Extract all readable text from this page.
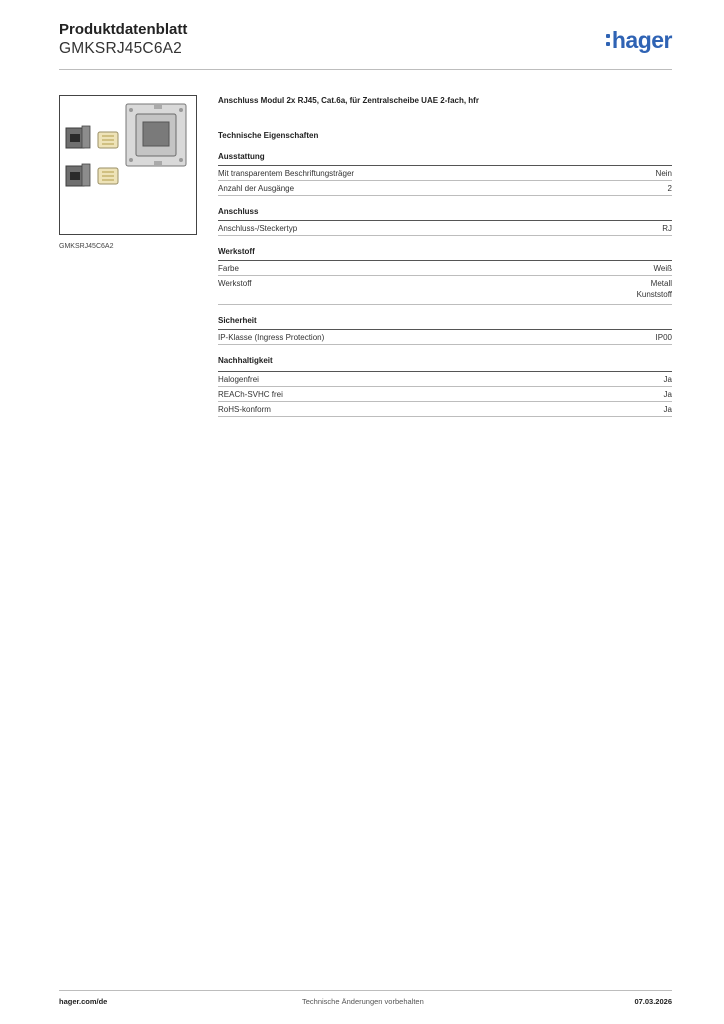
Produktdatenblatt
GMKSRJ45C6A2	hager
GMKSRJ45C6A2
Anschluss Modul 2x RJ45, Cat.6a, für Zentralscheibe UAE 2-fach, hfr
Technische Eigenschaften
Ausstattung
Mit transparentem Beschriftungsträger	Nein
Anzahl der Ausgänge	2
Anschluss
Anschluss-/Steckertyp	RJ
Werkstoff
Farbe	Weiß
Werkstoff	Metall
Kunststoff
Sicherheit
IP-Klasse (Ingress Protection)	IP00
Nachhaltigkeit
Halogenfrei	Ja
REACh-SVHC frei	Ja
RoHS-konform	Ja
hager.com/de	Technische Änderungen vorbehalten	07.03.2026
